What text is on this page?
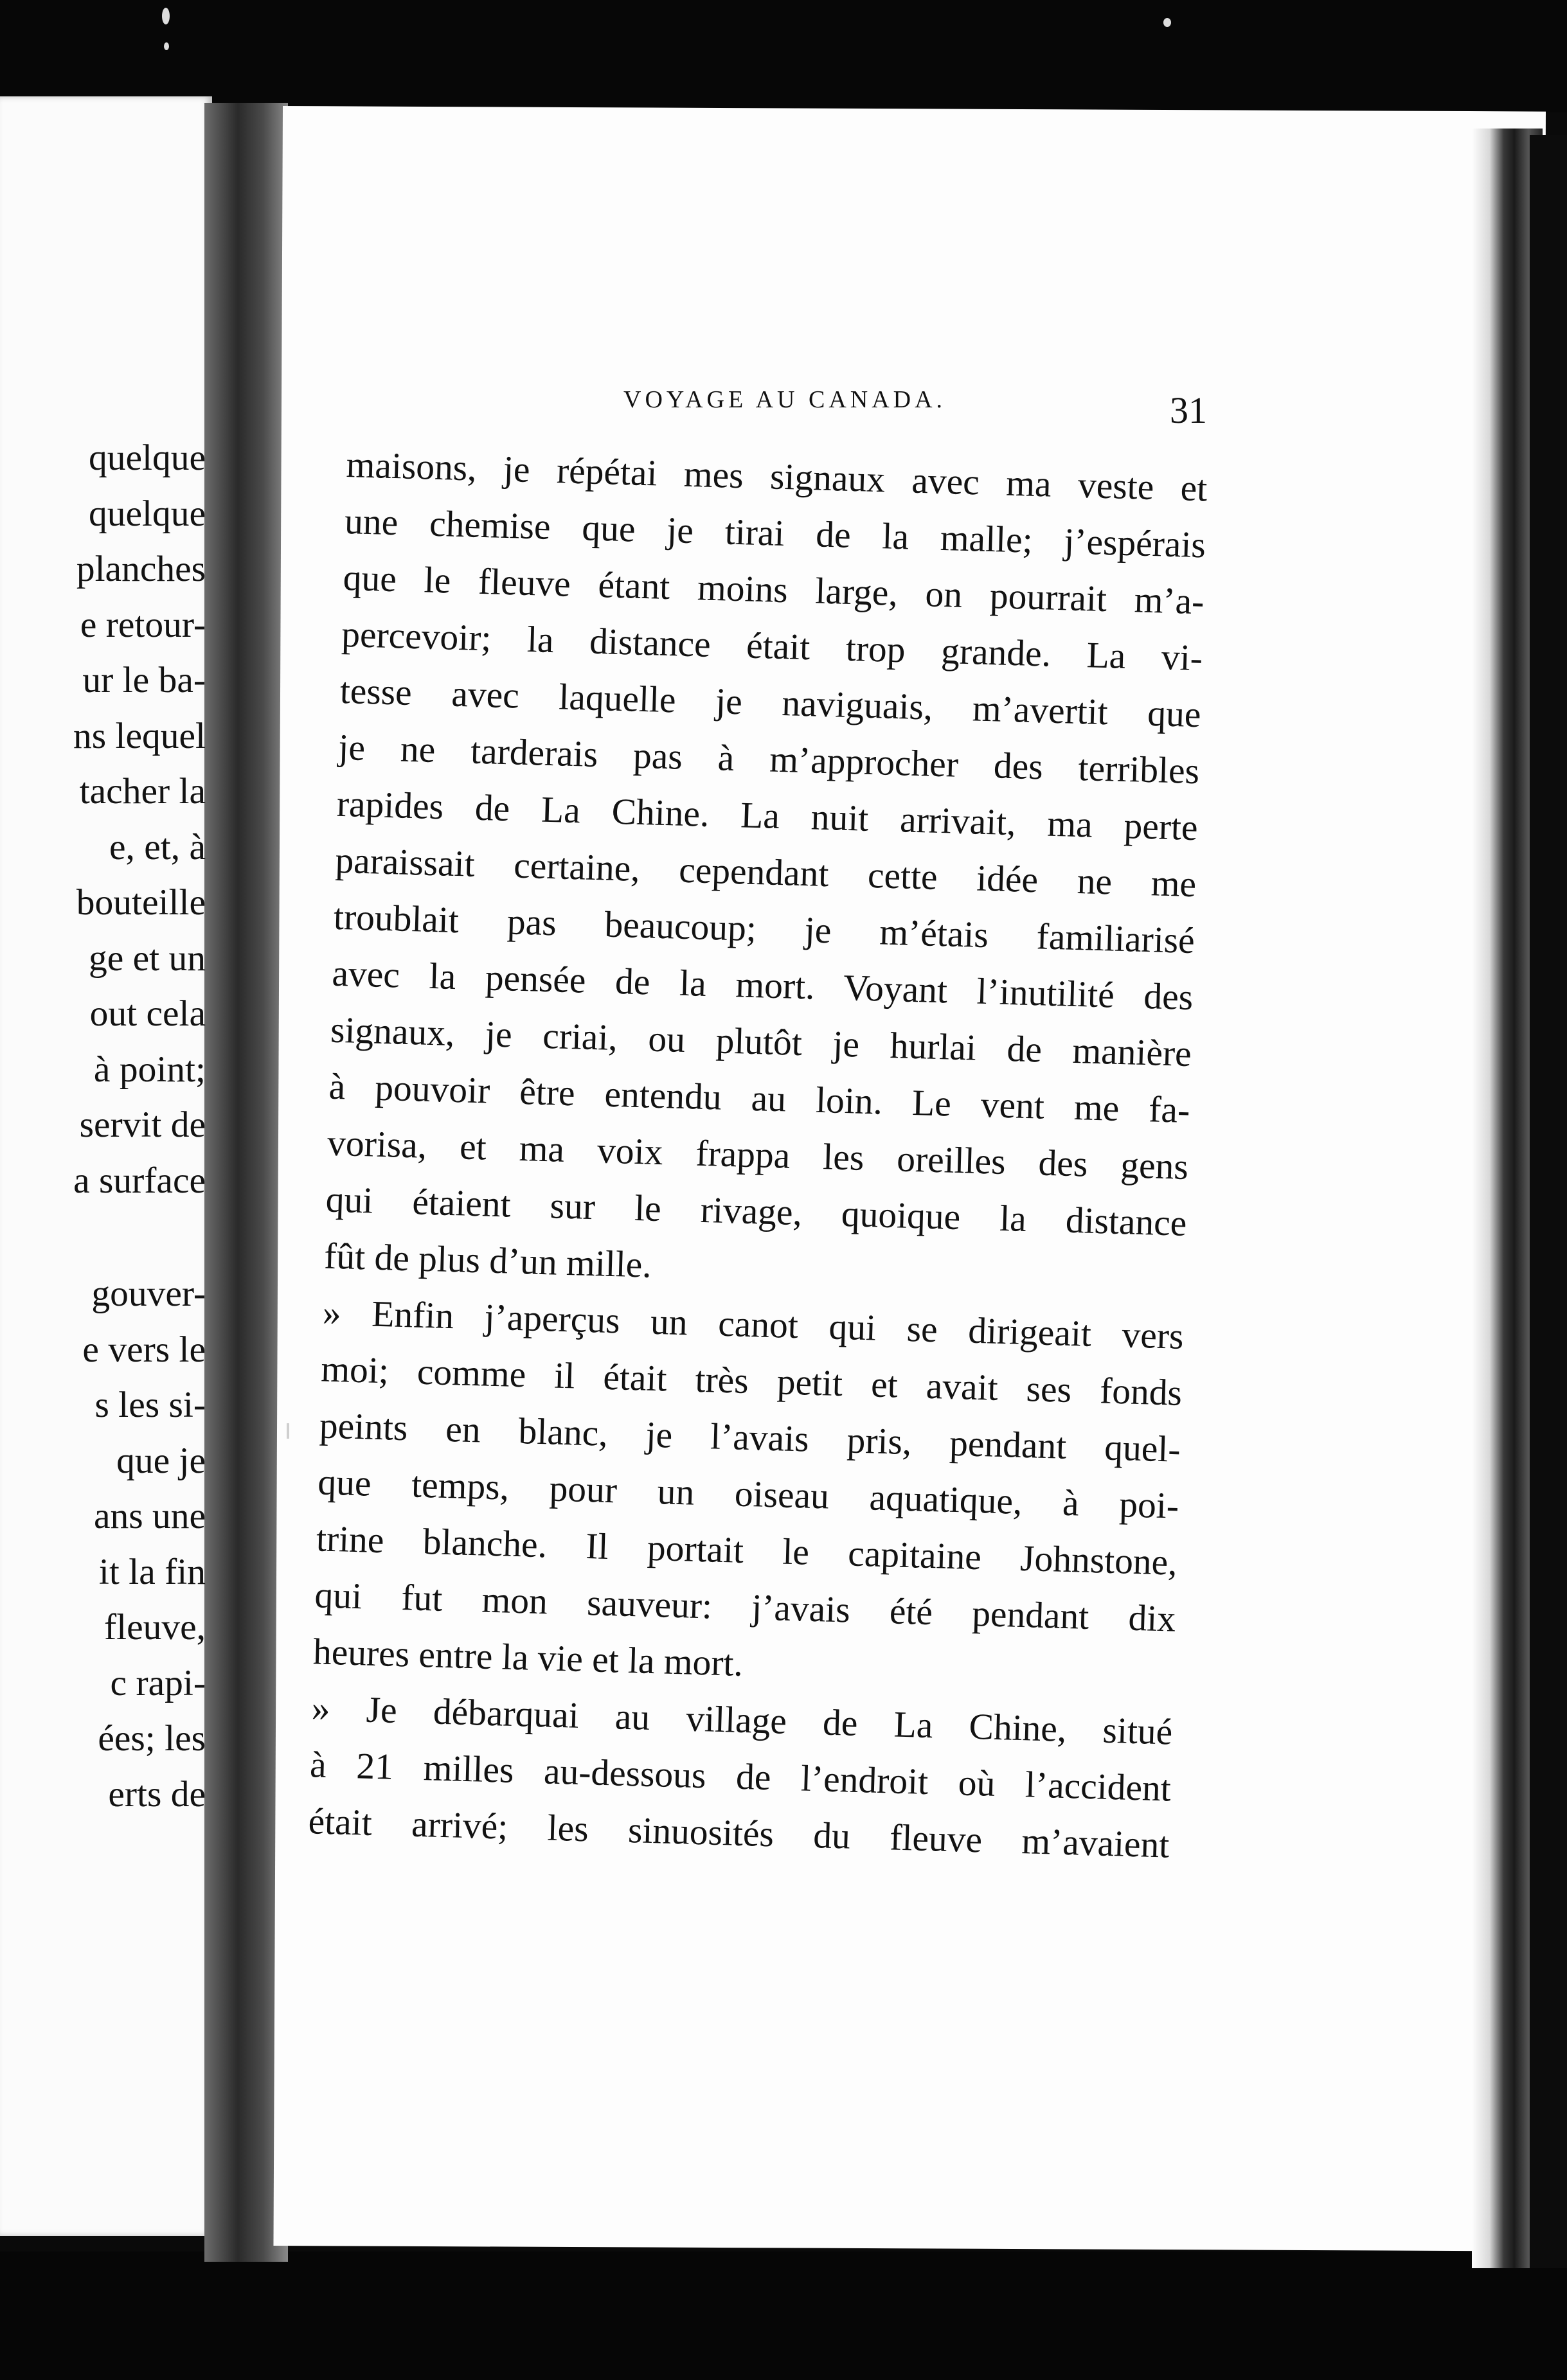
quelque
quelque
planches
e retour-
ur le ba-
ns lequel
tacher la
e, et, à
bouteille
ge et un
out cela
à point;
servit de
a surface
gouver-
e vers le
s les si-
que je
ans une
it la fin
fleuve,
c rapi-
ées; les
erts de
VOYAGE AU CANADA.	31
maisons, je répétai mes signaux avec ma veste et
une chemise que je tirai de la malle; j’espérais
que le fleuve étant moins large, on pourrait m’a-
percevoir; la distance était trop grande. La vi-
tesse avec laquelle je naviguais, m’avertit que
je ne tarderais pas à m’approcher des terribles
rapides de La Chine. La nuit arrivait, ma perte
paraissait certaine, cependant cette idée ne me
troublait pas beaucoup; je m’étais familiarisé
avec la pensée de la mort. Voyant l’inutilité des
signaux, je criai, ou plutôt je hurlai de manière
à pouvoir être entendu au loin. Le vent me fa-
vorisa, et ma voix frappa les oreilles des gens
qui étaient sur le rivage, quoique la distance
fût de plus d’un mille.
» Enfin j’aperçus un canot qui se dirigeait vers
moi; comme il était très petit et avait ses fonds
peints en blanc, je l’avais pris, pendant quel-
que temps, pour un oiseau aquatique, à poi-
trine blanche. Il portait le capitaine Johnstone,
qui fut mon sauveur: j’avais été pendant dix
heures entre la vie et la mort.
» Je débarquai au village de La Chine, situé
à 21 milles au-dessous de l’endroit où l’accident
était arrivé; les sinuosités du fleuve m’avaient
